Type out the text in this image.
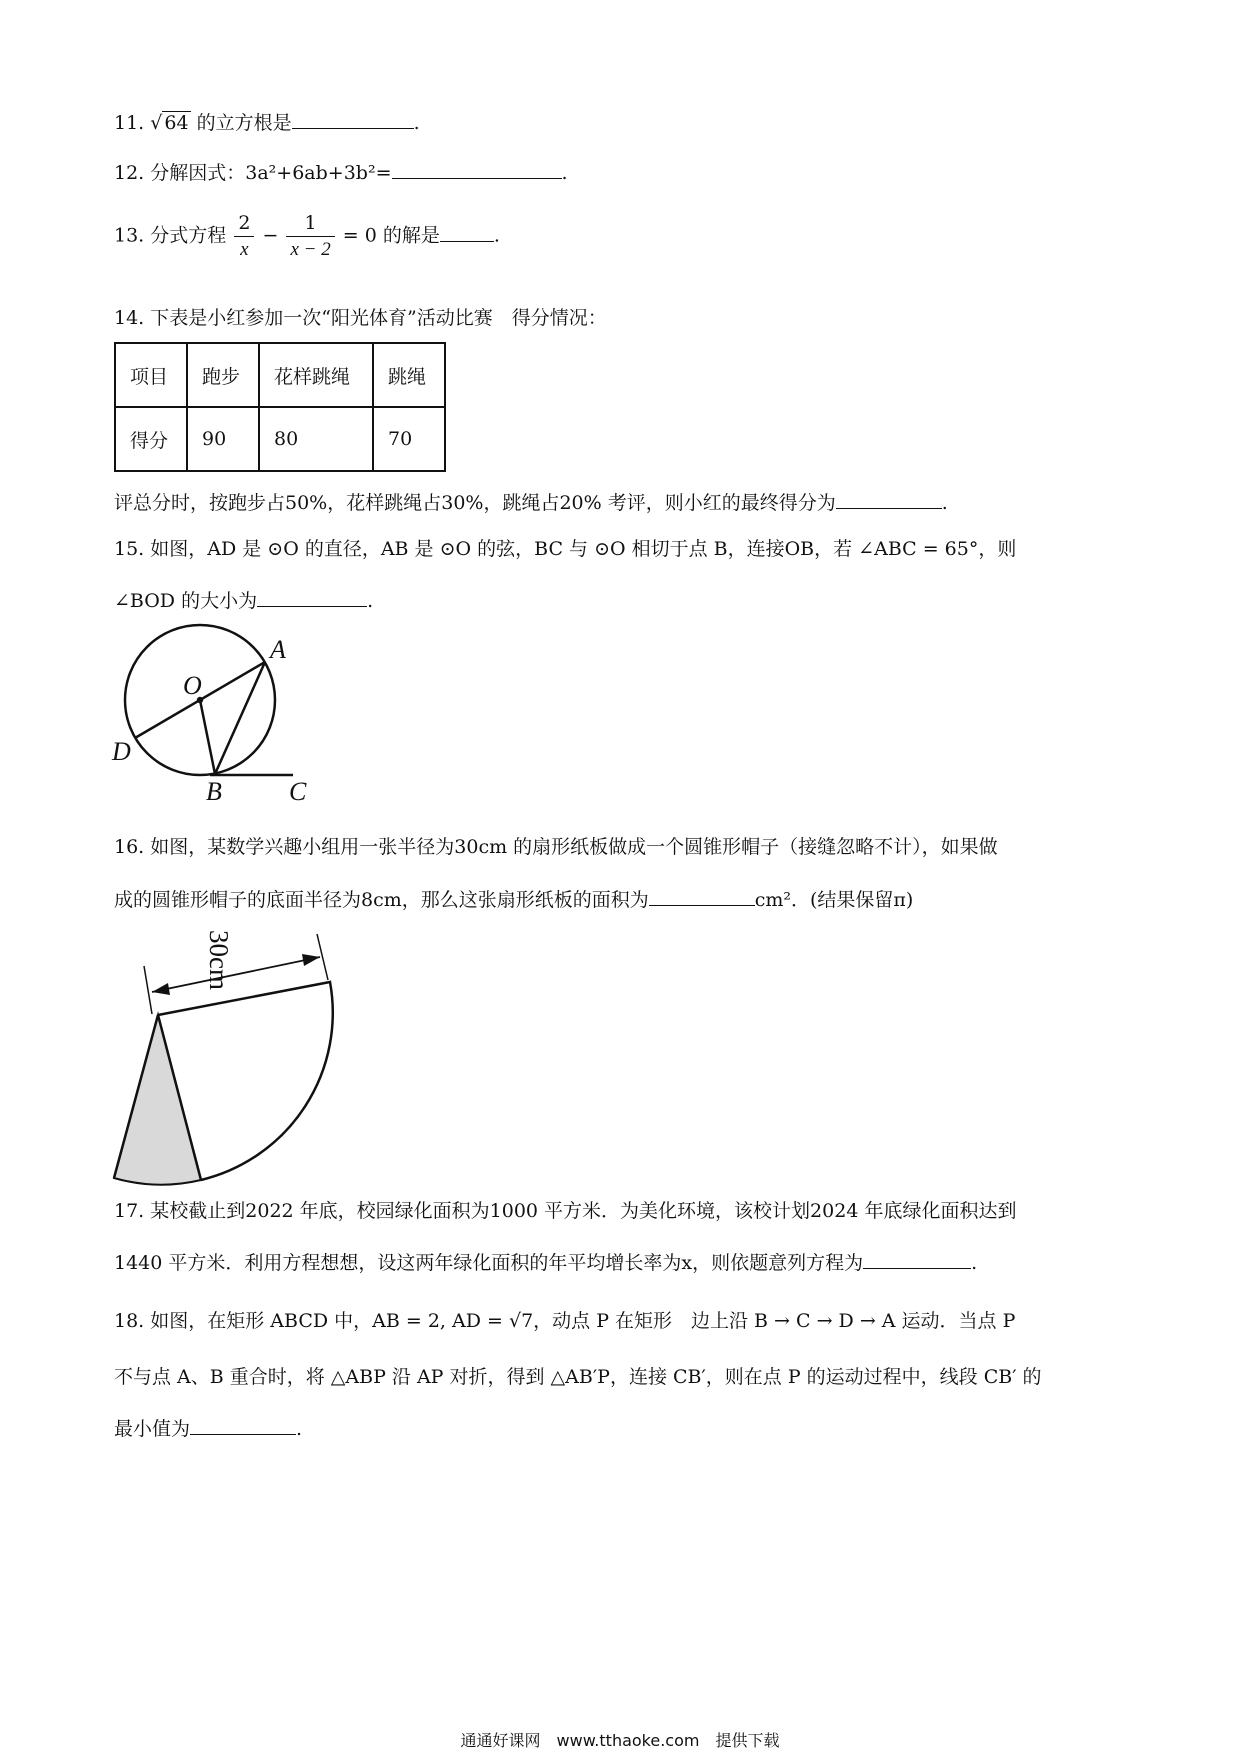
11. √ 64 的立方根是	.
12. 分解因式：3a²+6ab+3b²=	.
13. 分式方程 $\frac{2}{x} - \frac{1}{x - 2} = 0$ 的解是	.
14. 下表是小红参加一次“阳光体育”活动比赛　得分情况：
项目	跑步	花样跳绳	跳绳
得分	90	80	70
评总分时，按跑步占50%，花样跳绳占30%，跳绳占20% 考评，则小红的最终得分为	.
15. 如图，AD 是 ⊙O 的直径，AB 是 ⊙O 的弦，BC 与 ⊙O 相切于点 B，连接OB，若 ∠ABC = 65°，则
∠BOD 的大小为	.
O
A
D
B	C
16. 如图，某数学兴趣小组用一张半径为30cm 的扇形纸板做成一个圆锥形帽子（接缝忽略不计），如果做
成的圆锥形帽子的底面半径为8cm，那么这张扇形纸板的面积为	cm²．(结果保留π)
30cm
17. 某校截止到2022 年底，校园绿化面积为1000 平方米．为美化环境，该校计划2024 年底绿化面积达到
1440 平方米．利用方程想想，设这两年绿化面积的年平均增长率为x，则依题意列方程为	.
18. 如图，在矩形 ABCD 中，AB = 2, AD = √7，动点 P 在矩形　边上沿 B → C → D → A 运动．当点 P
不与点 A、B 重合时，将 △ABP 沿 AP 对折，得到 △AB′P，连接 CB′，则在点 P 的运动过程中，线段 CB′ 的
最小值为	.
通通好课网　www.tthaoke.com　提供下载
